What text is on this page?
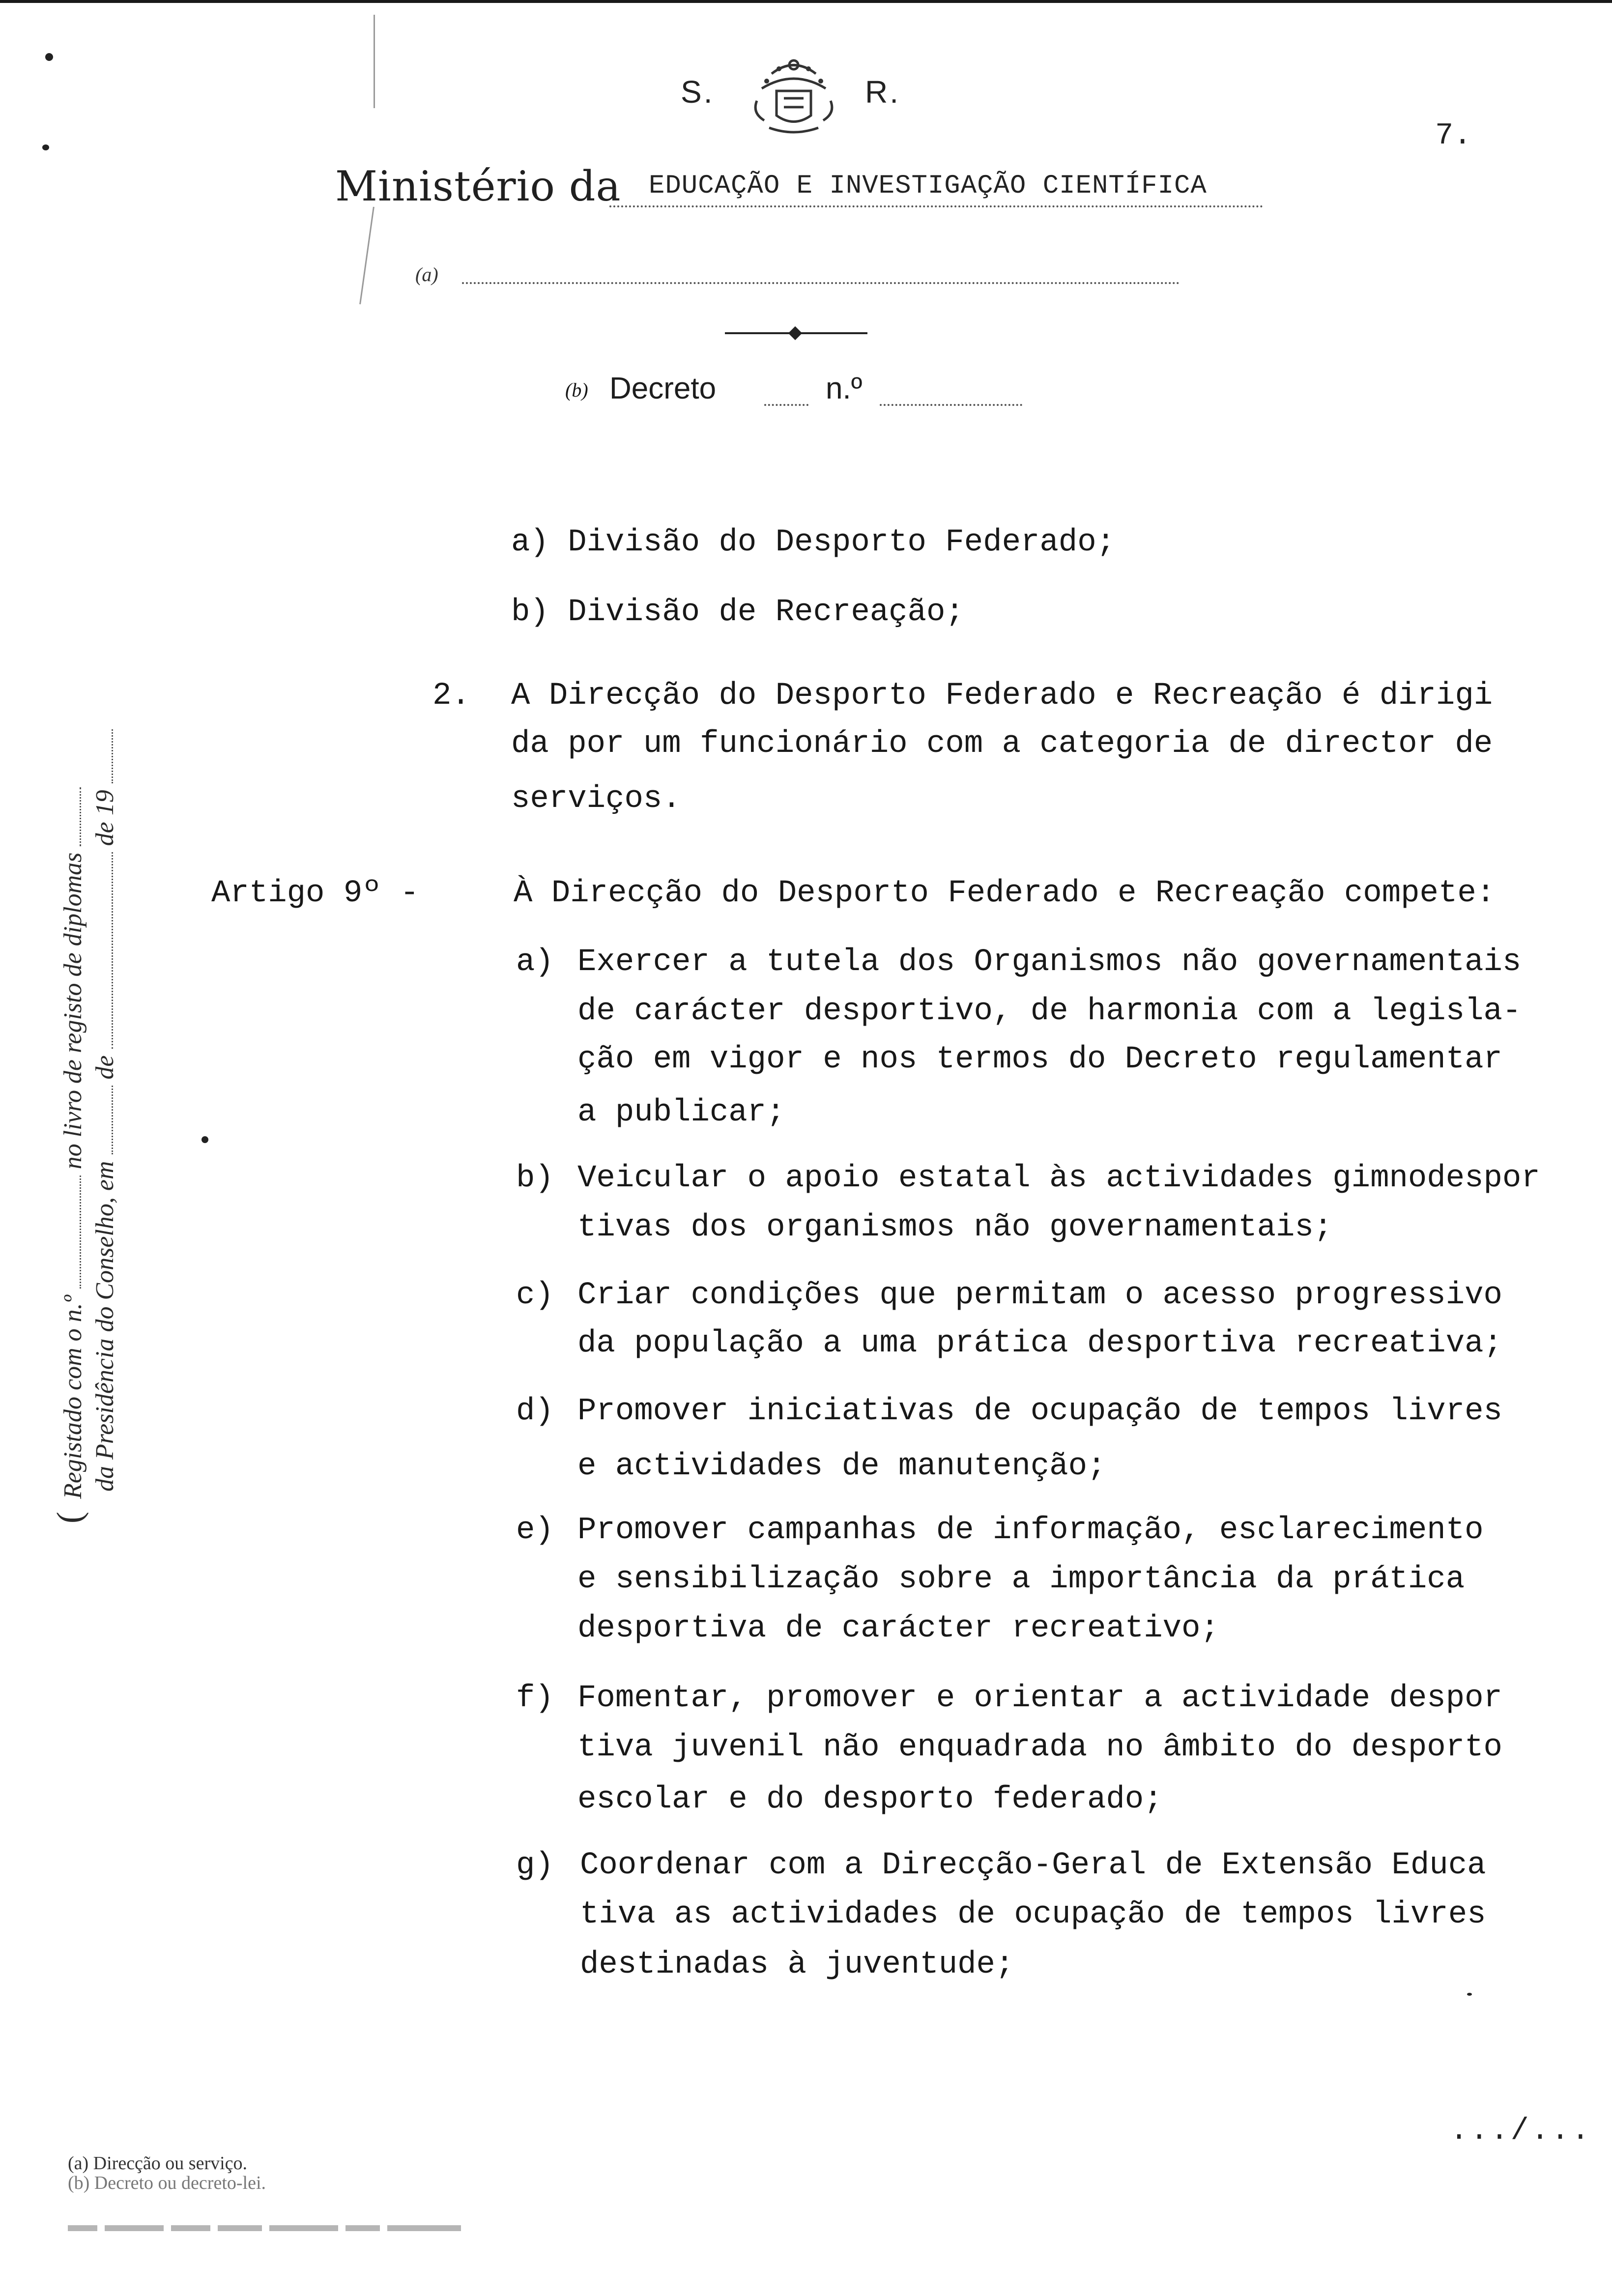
S.	R.
7.
Ministério da EDUCAÇÃO E INVESTIGAÇÃO CIENTÍFICA
(a)
(b) Decreto	n.º
a) Divisão do Desporto Federado;
b) Divisão de Recreação;
2. A Direcção do Desporto Federado e Recreação é dirigi
da por um funcionário com a categoria de director de
serviços.
Artigo 9º -	À Direcção do Desporto Federado e Recreação compete:
a) Exercer a tutela dos Organismos não governamentais
de carácter desportivo, de harmonia com a legisla-
ção em vigor e nos termos do Decreto regulamentar
a publicar;
b) Veicular o apoio estatal às actividades gimnodespor
tivas dos organismos não governamentais;
c) Criar condições que permitam o acesso progressivo
da população a uma prática desportiva recreativa;
d) Promover iniciativas de ocupação de tempos livres
e actividades de manutenção;
e) Promover campanhas de informação, esclarecimento
e sensibilização sobre a importância da prática
desportiva de carácter recreativo;
f) Fomentar, promover e orientar a actividade despor
tiva juvenil não enquadrada no âmbito do desporto
escolar e do desporto federado;
g) Coordenar com a Direcção-Geral de Extensão Educa
tiva as actividades de ocupação de tempos livres
destinadas à juventude;
.../...
(  Registado com o n.º  no livro de registo de diplomas
da Presidência do Conselho, em  de  de 19
(a) Direcção ou serviço.
(b) Decreto ou decreto-lei.
